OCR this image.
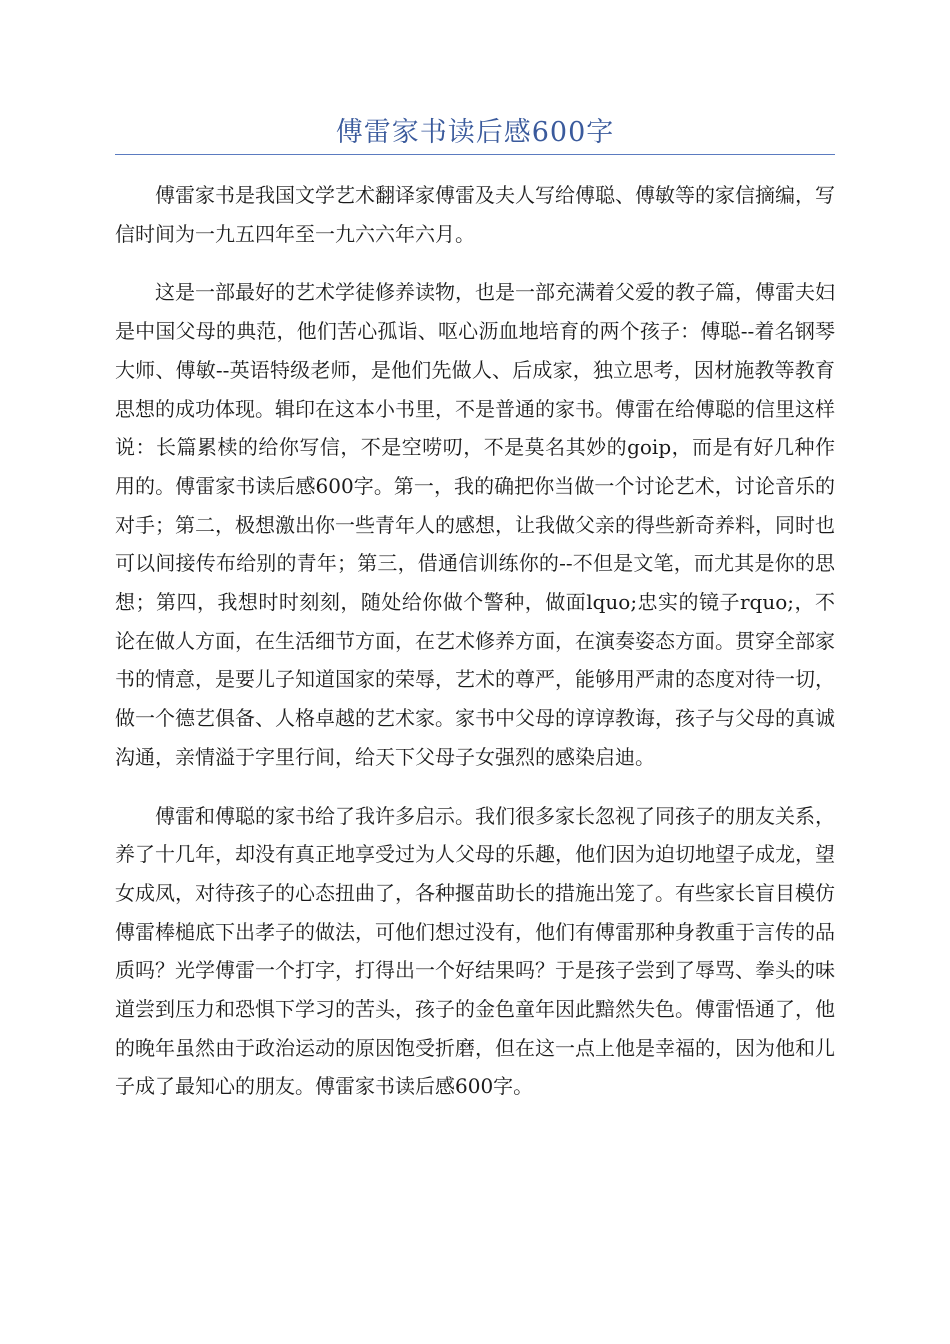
傅雷家书读后感600字

傅雷家书是我国文学艺术翻译家傅雷及夫人写给傅聪、傅敏等的家信摘编，写信时间为一九五四年至一九六六年六月。

这是一部最好的艺术学徒修养读物，也是一部充满着父爱的教子篇，傅雷夫妇是中国父母的典范，他们苦心孤诣、呕心沥血地培育的两个孩子：傅聪--着名钢琴大师、傅敏--英语特级老师，是他们先做人、后成家，独立思考，因材施教等教育思想的成功体现。辑印在这本小书里，不是普通的家书。傅雷在给傅聪的信里这样说：长篇累椟的给你写信，不是空唠叨，不是莫名其妙的goip，而是有好几种作用的。傅雷家书读后感600字。第一，我的确把你当做一个讨论艺术，讨论音乐的对手；第二，极想激出你一些青年人的感想，让我做父亲的得些新奇养料，同时也可以间接传布给别的青年；第三，借通信训练你的--不但是文笔，而尤其是你的思想；第四，我想时时刻刻，随处给你做个警种，做面lquo;忠实的镜子rquo;，不论在做人方面，在生活细节方面，在艺术修养方面，在演奏姿态方面。贯穿全部家书的情意，是要儿子知道国家的荣辱，艺术的尊严，能够用严肃的态度对待一切，做一个德艺俱备、人格卓越的艺术家。家书中父母的谆谆教诲，孩子与父母的真诚沟通，亲情溢于字里行间，给天下父母子女强烈的感染启迪。

傅雷和傅聪的家书给了我许多启示。我们很多家长忽视了同孩子的朋友关系，养了十几年，却没有真正地享受过为人父母的乐趣，他们因为迫切地望子成龙，望女成凤，对待孩子的心态扭曲了，各种揠苗助长的措施出笼了。有些家长盲目模仿傅雷棒槌底下出孝子的做法，可他们想过没有，他们有傅雷那种身教重于言传的品质吗？光学傅雷一个打字，打得出一个好结果吗？于是孩子尝到了辱骂、拳头的味道尝到压力和恐惧下学习的苦头，孩子的金色童年因此黯然失色。傅雷悟通了，他的晚年虽然由于政治运动的原因饱受折磨，但在这一点上他是幸福的，因为他和儿子成了最知心的朋友。傅雷家书读后感600字。
